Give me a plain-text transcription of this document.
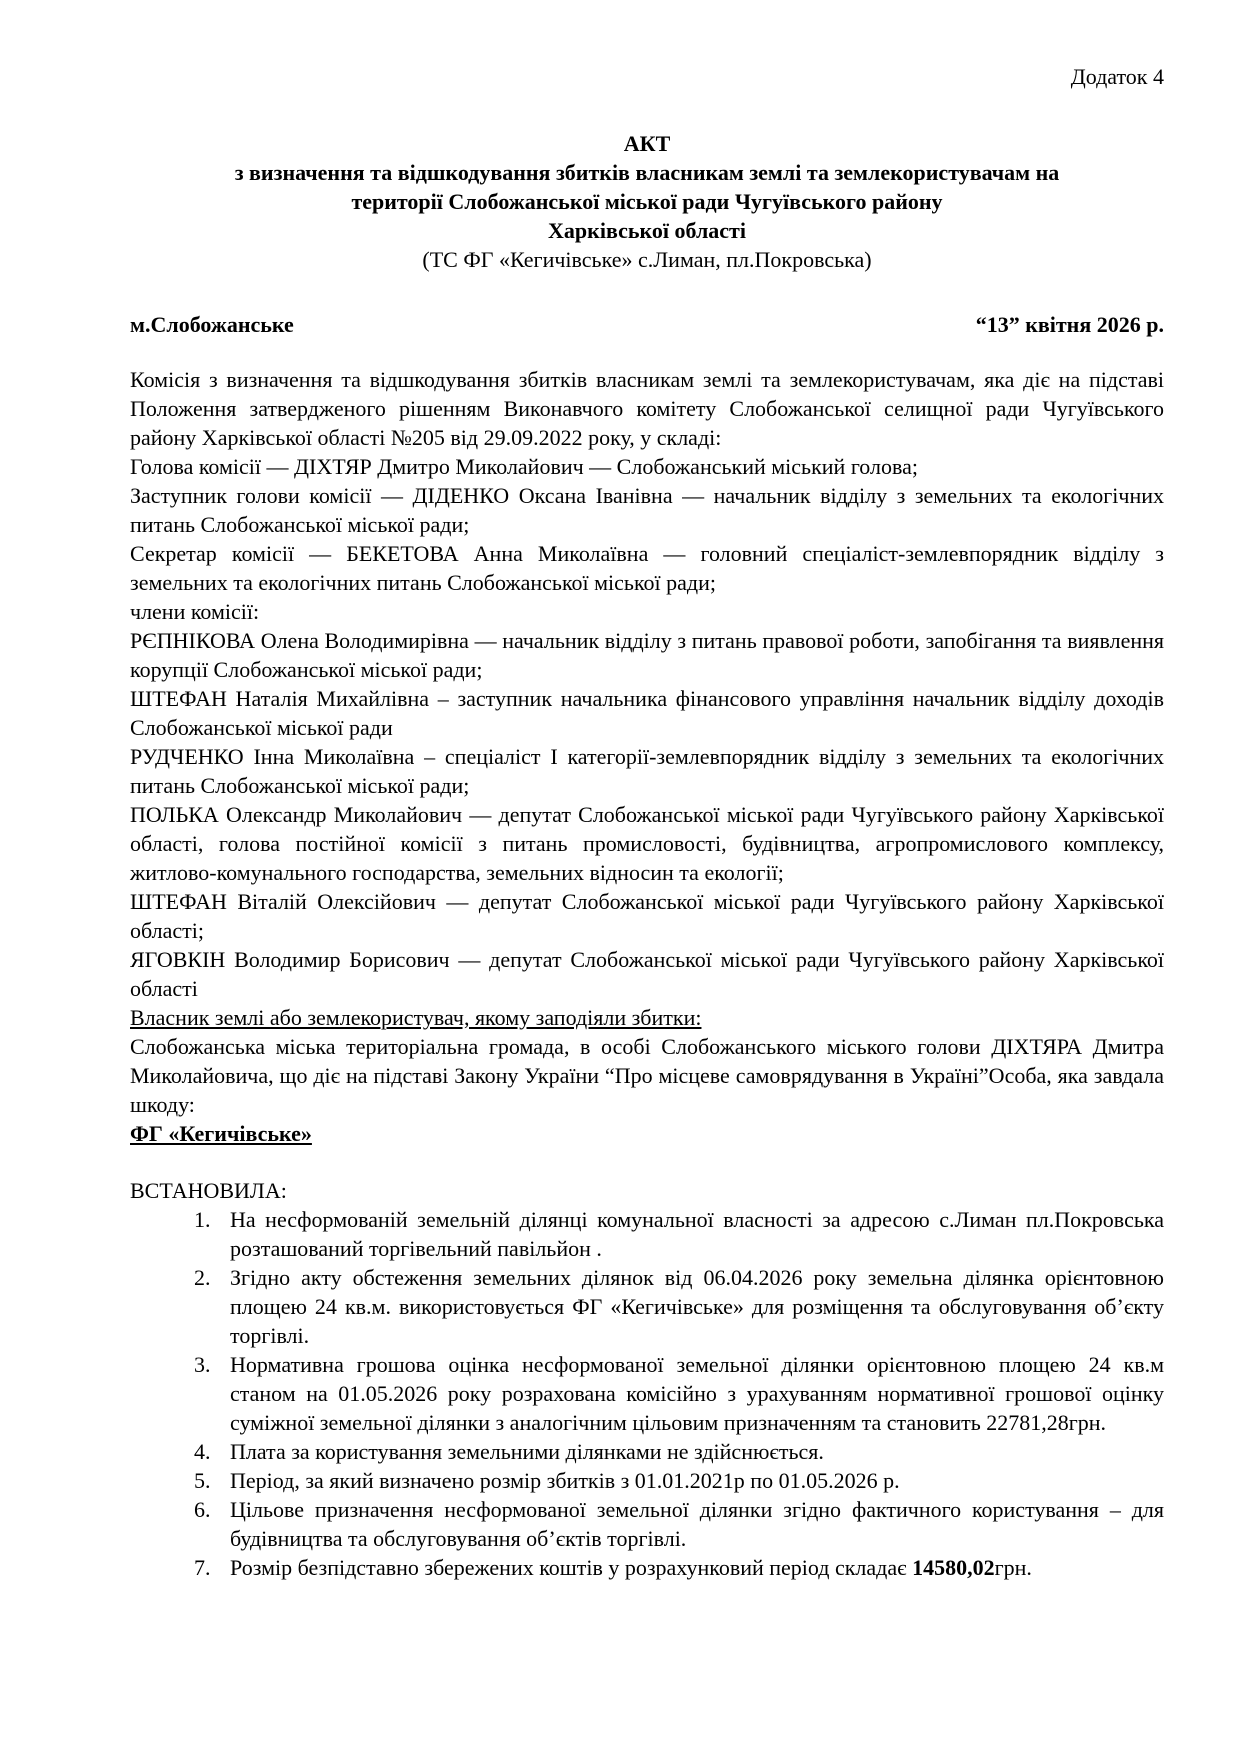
Додаток 4
АКТ
з визначення та відшкодування збитків власникам землі та землекористувачам на
території Слобожанської міської ради Чугуївського району
Харківської області
(ТС ФГ «Кегичівське» с.Лиман, пл.Покровська)
м.Слобожанське	“13” квітня 2026 р.

Комісія з визначення та відшкодування збитків власникам землі та землекористувачам, яка діє на підставі Положення затвердженого рішенням Виконавчого комітету Слобожанської селищної ради Чугуївського району Харківської області №205 від 29.09.2022 року, у складі:

Голова комісії — ДІХТЯР Дмитро Миколайович — Слобожанський міський голова;

Заступник голови комісії — ДІДЕНКО Оксана Іванівна — начальник відділу з земельних та екологічних питань Слобожанської міської ради;

Секретар комісії — БЕКЕТОВА Анна Миколаївна — головний спеціаліст-землевпорядник відділу з земельних та екологічних питань Слобожанської міської ради;

члени комісії:

РЄПНІКОВА Олена Володимирівна — начальник відділу з питань правової роботи, запобігання та виявлення корупції Слобожанської міської ради;

ШТЕФАН Наталія Михайлівна – заступник начальника фінансового управління начальник відділу доходів Слобожанської міської ради

РУДЧЕНКО Інна Миколаївна – спеціаліст І категорії-землевпорядник відділу з земельних та екологічних питань Слобожанської міської ради;

ПОЛЬКА Олександр Миколайович — депутат Слобожанської міської ради Чугуївського району Харківської області, голова постійної комісії з питань промисловості, будівництва, агропромислового комплексу, житлово-комунального господарства, земельних відносин та екології;

ШТЕФАН Віталій Олексійович — депутат Слобожанської міської ради Чугуївського району Харківської області;

ЯГОВКІН Володимир Борисович — депутат Слобожанської міської ради Чугуївського району Харківської області

Власник землі або землекористувач, якому заподіяли збитки:

Слобожанська міська територіальна громада, в особі Слобожанського міського голови ДІХТЯРА Дмитра Миколайовича, що діє на підставі Закону України “Про місцеве самоврядування в Україні”Особа, яка завдала шкоду:

ФГ «Кегичівське»

ВСТАНОВИЛА:

1. На несформованій земельній ділянці комунальної власності за адресою с.Лиман пл.Покровська розташований торгівельний павільйон .
2. Згідно акту обстеження земельних ділянок від 06.04.2026 року земельна ділянка орієнтовною площею 24 кв.м. використовується ФГ «Кегичівське» для розміщення та обслуговування об’єкту торгівлі.
3. Нормативна грошова оцінка несформованої земельної ділянки орієнтовною площею 24 кв.м станом на 01.05.2026 року розрахована комісійно з урахуванням нормативної грошової оцінку суміжної земельної ділянки з аналогічним цільовим призначенням та становить 22781,28грн.
4. Плата за користування земельними ділянками не здійснюється.
5. Період, за який визначено розмір збитків з 01.01.2021р по 01.05.2026 р.
6. Цільове призначення несформованої земельної ділянки згідно фактичного користування – для будівництва та обслуговування об’єктів торгівлі.
7. Розмір безпідставно збережених коштів у розрахунковий період складає 14580,02грн.
